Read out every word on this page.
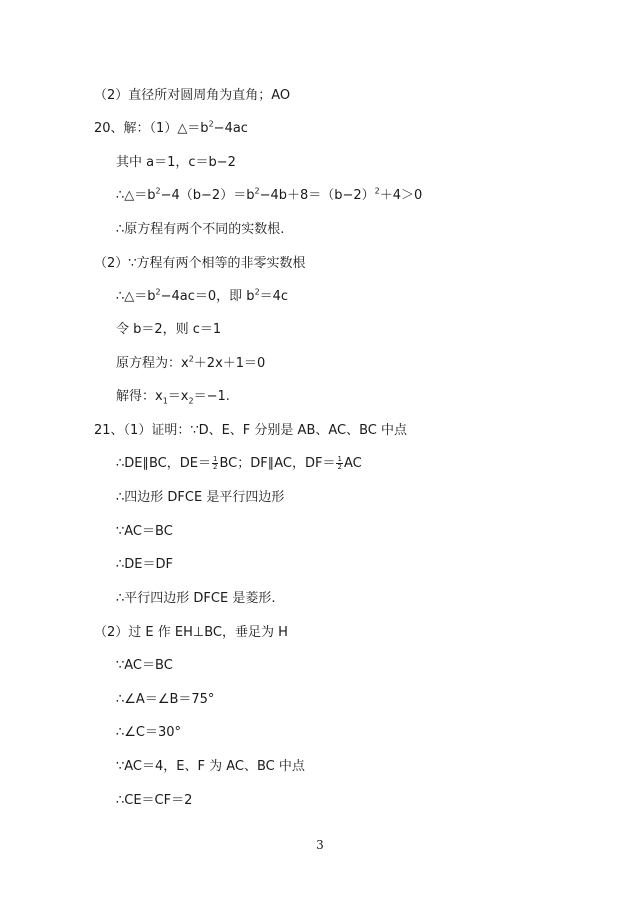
（2）直径所对圆周角为直角；AO
20、解：$(1)\triangle=b^2-4ac$
其中 a＝1，c＝b−2
$\therefore\triangle=b^2-4(b-2)=b^2-4b+8=(b-2)^2+4>0$
∴原方程有两个不同的实数根.
（2）∵方程有两个相等的非零实数根
$\therefore\triangle=b^2-4ac=0$，即 $b^2=4c$
令 b＝2，则 c＝1
原方程为：$x^2+2x+1=0$
解得：$x_1=x_2=-1$.
21、（1）证明：∵D、E、F 分别是 AB、AC、BC 中点
∴DE∥BC，$DE= \frac{1}{2}$ BC；DF∥AC，$DF= \frac{1}{2}$ AC
∴四边形 DFCE 是平行四边形
∵AC＝BC
∴DE＝DF
∴平行四边形 DFCE 是菱形.
（2）过 E 作 EH⊥BC，垂足为 H
∵AC＝BC
∴∠A＝∠B＝75°
∴∠C＝30°
∵AC＝4，E、F 为 AC、BC 中点
∴CE＝CF＝2
3
